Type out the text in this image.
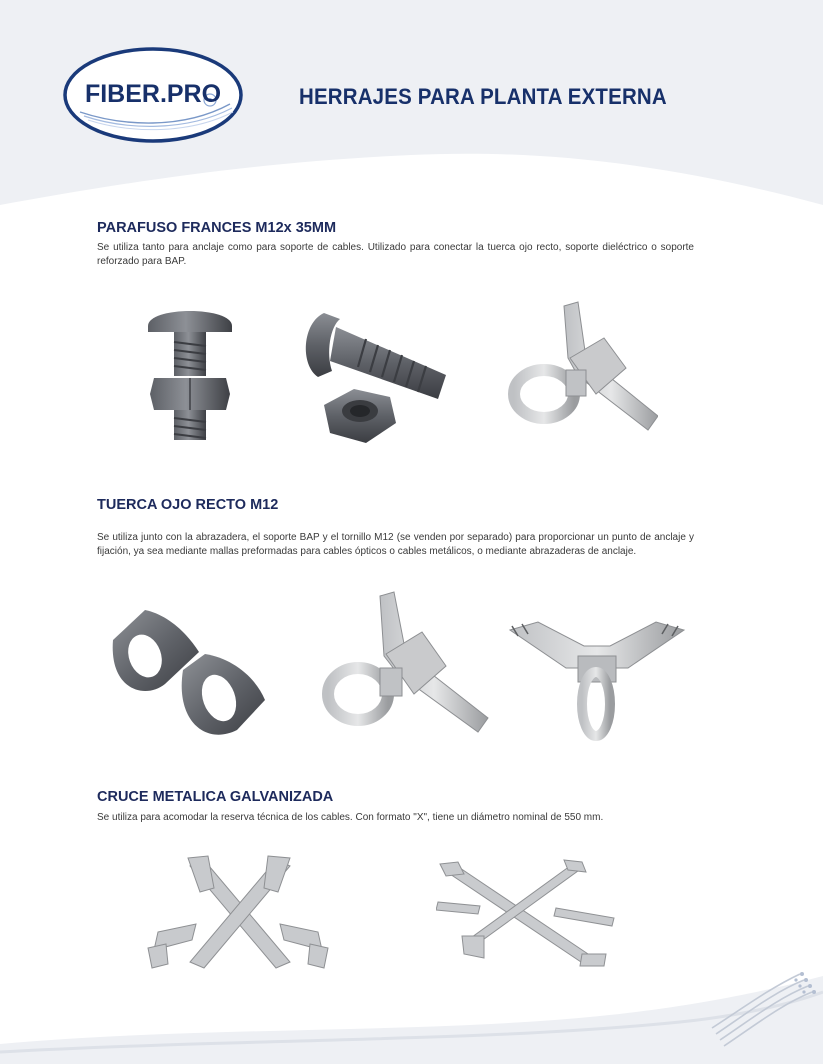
FIBER.PRO	HERRAJES PARA PLANTA EXTERNA
PARAFUSO FRANCES M12x 35MM
Se utiliza tanto para anclaje como para soporte de cables. Utilizado para conectar la tuerca ojo recto, soporte dieléctrico o soporte reforzado para BAP.
TUERCA OJO RECTO M12
Se utiliza junto con la abrazadera, el soporte BAP y el tornillo M12 (se venden por separado) para proporcionar un punto de anclaje y fijación, ya sea mediante mallas preformadas para cables ópticos o cables metálicos, o mediante abrazaderas de anclaje.
CRUCE METALICA GALVANIZADA
Se utiliza para acomodar la reserva técnica de los cables. Con formato "X", tiene un diámetro nominal de 550 mm.
